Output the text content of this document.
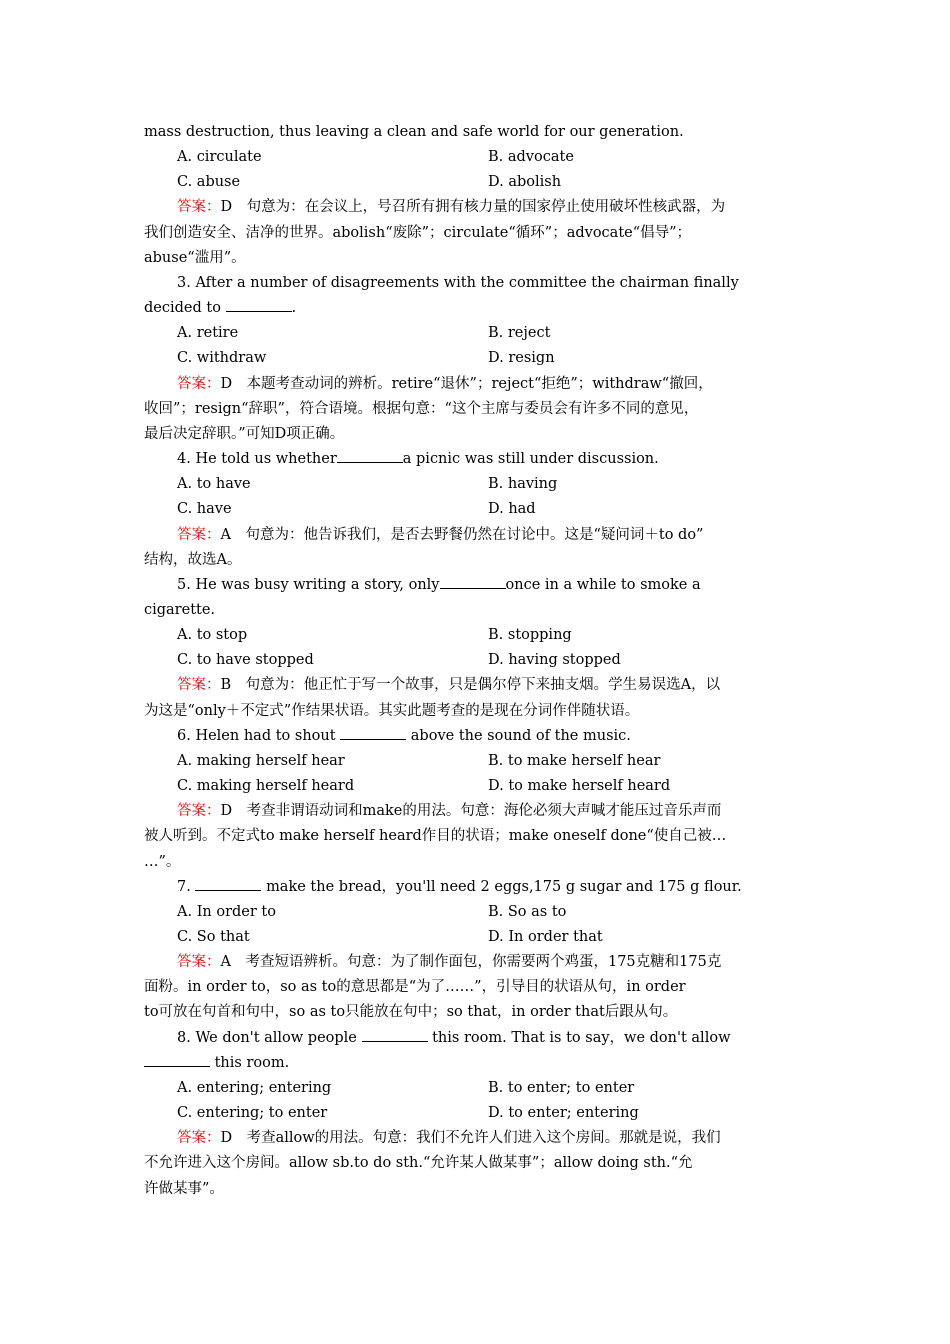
mass destruction, thus leaving a clean and safe world for our generation.
A. circulate	B. advocate
C. abuse	D. abolish
答案：D　句意为：在会议上，号召所有拥有核力量的国家停止使用破坏性核武器，为
我们创造安全、洁净的世界。abolish“废除”；circulate“循环”；advocate“倡导”；
abuse“滥用”。
3. After a number of disagreements with the committee the chairman finally
decided to	.
A. retire	B. reject
C. withdraw	D. resign
答案：D　本题考查动词的辨析。retire“退休”；reject“拒绝”；withdraw“撤回，
收回”；resign“辞职”，符合语境。根据句意：“这个主席与委员会有许多不同的意见，
最后决定辞职。”可知D项正确。
4. He told us whether	a picnic was still under discussion.
A. to have	B. having
C. have	D. had
答案：A　句意为：他告诉我们，是否去野餐仍然在讨论中。这是“疑问词＋to do”
结构，故选A。
5. He was busy writing a story, only	once in a while to smoke a
cigarette.
A. to stop	B. stopping
C. to have stopped	D. having stopped
答案：B　句意为：他正忙于写一个故事，只是偶尔停下来抽支烟。学生易误选A，以
为这是“only＋不定式”作结果状语。其实此题考查的是现在分词作伴随状语。
6. Helen had to shout	above the sound of the music.
A. making herself hear	B. to make herself hear
C. making herself heard	D. to make herself heard
答案：D　考查非谓语动词和make的用法。句意：海伦必须大声喊才能压过音乐声而
被人听到。不定式to make herself heard作目的状语；make oneself done“使自己被…
…”。
7.	make the bread，you'll need 2 eggs,175 g sugar and 175 g flour.
A. In order to	B. So as to
C. So that	D. In order that
答案：A　考查短语辨析。句意：为了制作面包，你需要两个鸡蛋，175克糖和175克
面粉。in order to，so as to的意思都是“为了……”，引导目的状语从句，in order
to可放在句首和句中，so as to只能放在句中；so that，in order that后跟从句。
8. We don't allow people	this room. That is to say，we don't allow
this room.
A. entering; entering	B. to enter; to enter
C. entering; to enter	D. to enter; entering
答案：D　考查allow的用法。句意：我们不允许人们进入这个房间。那就是说，我们
不允许进入这个房间。allow sb.to do sth.“允许某人做某事”；allow doing sth.“允
许做某事”。
